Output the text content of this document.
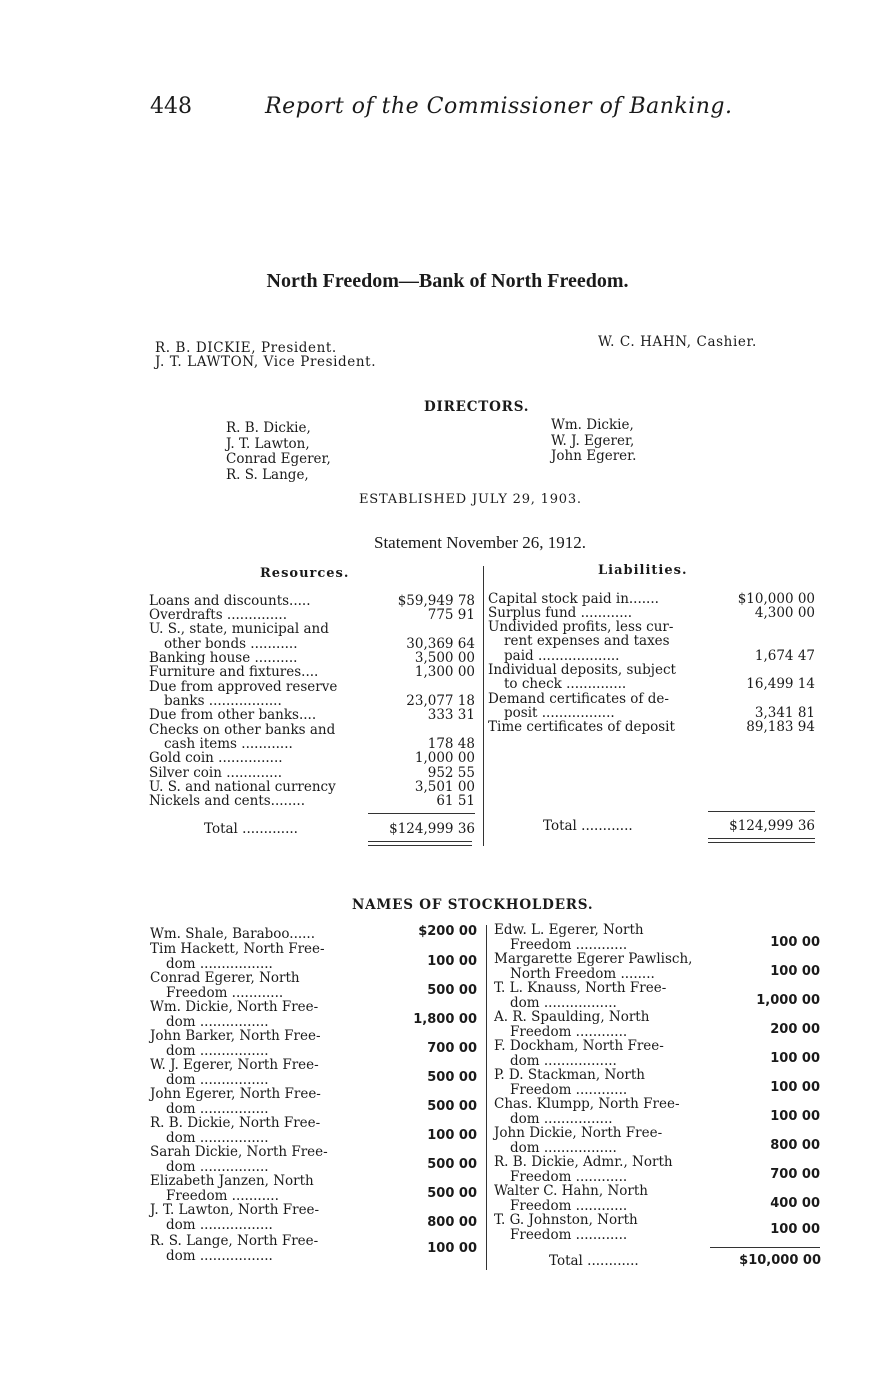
448	Report of the Commissioner of Banking.
North Freedom—Bank of North Freedom.
R. B. DICKIE, President.
J. T. LAWTON, Vice President.
W. C. HAHN, Cashier.
DIRECTORS.
R. B. Dickie,
J. T. Lawton,
Conrad Egerer,
R. S. Lange,
Wm. Dickie,
W. J. Egerer,
John Egerer.
ESTABLISHED JULY 29, 1903.
Statement November 26, 1912.
Resources.	Liabilities.
Loans and discounts.....	$59,949 78
Overdrafts ..............	775 91
U. S., state, municipal and
other bonds ...........	30,369 64
Banking house ..........	3,500 00
Furniture and fixtures....	1,300 00
Due from approved reserve
banks .................	23,077 18
Due from other banks....	333 31
Checks on other banks and
cash items ............	178 48
Gold coin ...............	1,000 00
Silver coin .............	952 55
U. S. and national currency	3,501 00
Nickels and cents........	61 51
Total .............	$124,999 36
Capital stock paid in.......	$10,000 00
Surplus fund ............	4,300 00
Undivided profits, less cur-
rent expenses and taxes
paid ...................	1,674 47
Individual deposits, subject
to check ..............	16,499 14
Demand certificates of de-
posit .................	3,341 81
Time certificates of deposit	89,183 94
Total ............	$124,999 36
NAMES OF STOCKHOLDERS.
Wm. Shale, Baraboo......	$200 00
Tim Hackett, North Free-
dom .................	100 00
Conrad Egerer, North
Freedom ............	500 00
Wm. Dickie, North Free-
dom ................	1,800 00
John Barker, North Free-
dom ................	700 00
W. J. Egerer, North Free-
dom ................	500 00
John Egerer, North Free-
dom ................	500 00
R. B. Dickie, North Free-
dom ................	100 00
Sarah Dickie, North Free-
dom ................	500 00
Elizabeth Janzen, North
Freedom ...........	500 00
J. T. Lawton, North Free-
dom .................	800 00
R. S. Lange, North Free-
dom .................	100 00
Edw. L. Egerer, North
Freedom ............	100 00
Margarette Egerer Pawlisch,
North Freedom ........	100 00
T. L. Knauss, North Free-
dom .................	1,000 00
A. R. Spaulding, North
Freedom ............	200 00
F. Dockham, North Free-
dom .................	100 00
P. D. Stackman, North
Freedom ............	100 00
Chas. Klumpp, North Free-
dom ................	100 00
John Dickie, North Free-
dom .................	800 00
R. B. Dickie, Admr., North
Freedom ............	700 00
Walter C. Hahn, North
Freedom ............	400 00
T. G. Johnston, North
Freedom ............	100 00
Total ............	$10,000 00
